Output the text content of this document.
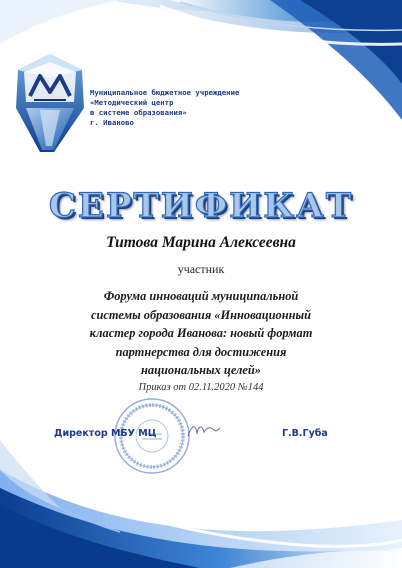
Муниципальное бюджетное учреждение
«Методический центр
в системе образования»
г. Иваново
СЕРТИФИКАТ
Титова Марина Алексеевна
участник
Форума инноваций муниципальной
системы образования «Инновационный
кластер города Иванова: новый формат
партнерства для достижения
национальных целей»
Приказ от 02.11.2020 №144
Директор МБУ МЦ	Г.В.Губа
